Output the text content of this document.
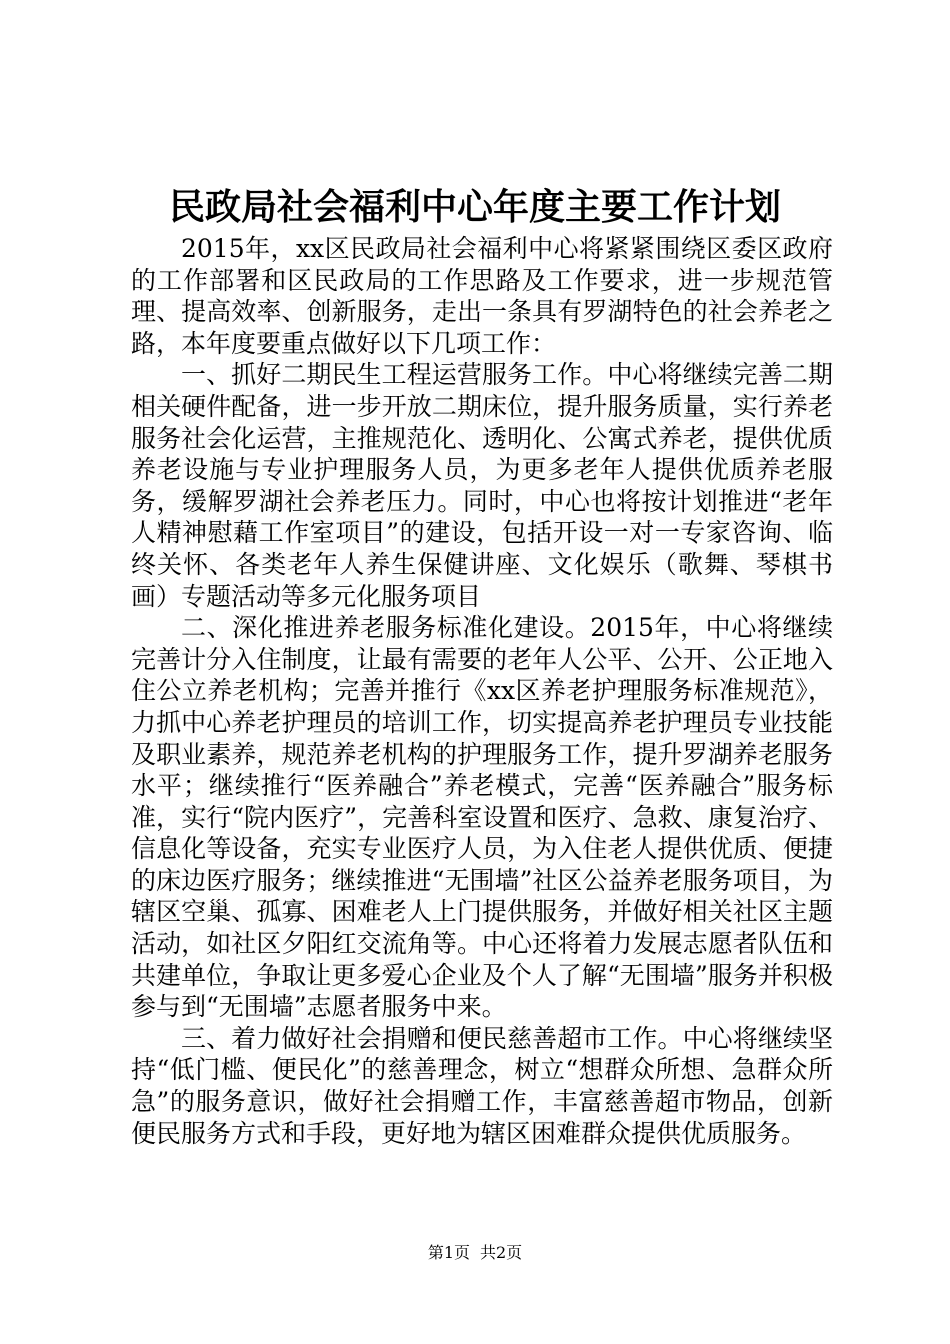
民政局社会福利中心年度主要工作计划

2015年，xx区民政局社会福利中心将紧紧围绕区委区政府的工作部署和区民政局的工作思路及工作要求，进一步规范管理、提高效率、创新服务，走出一条具有罗湖特色的社会养老之路，本年度要重点做好以下几项工作：

一、抓好二期民生工程运营服务工作。中心将继续完善二期相关硬件配备，进一步开放二期床位，提升服务质量，实行养老服务社会化运营，主推规范化、透明化、公寓式养老，提供优质养老设施与专业护理服务人员，为更多老年人提供优质养老服务，缓解罗湖社会养老压力。同时，中心也将按计划推进“老年人精神慰藉工作室项目”的建设，包括开设一对一专家咨询、临终关怀、各类老年人养生保健讲座、文化娱乐（歌舞、琴棋书画）专题活动等多元化服务项目

二、深化推进养老服务标准化建设。2015年，中心将继续完善计分入住制度，让最有需要的老年人公平、公开、公正地入住公立养老机构；完善并推行《xx区养老护理服务标准规范》，力抓中心养老护理员的培训工作，切实提高养老护理员专业技能及职业素养，规范养老机构的护理服务工作，提升罗湖养老服务水平；继续推行“医养融合”养老模式，完善“医养融合”服务标准，实行“院内医疗”，完善科室设置和医疗、急救、康复治疗、信息化等设备，充实专业医疗人员，为入住老人提供优质、便捷的床边医疗服务；继续推进“无围墙”社区公益养老服务项目，为辖区空巢、孤寡、困难老人上门提供服务，并做好相关社区主题活动，如社区夕阳红交流角等。中心还将着力发展志愿者队伍和共建单位，争取让更多爱心企业及个人了解“无围墙”服务并积极参与到“无围墙”志愿者服务中来。

三、着力做好社会捐赠和便民慈善超市工作。中心将继续坚持“低门槛、便民化”的慈善理念，树立“想群众所想、急群众所急”的服务意识，做好社会捐赠工作，丰富慈善超市物品，创新便民服务方式和手段，更好地为辖区困难群众提供优质服务。

第1页 共2页
